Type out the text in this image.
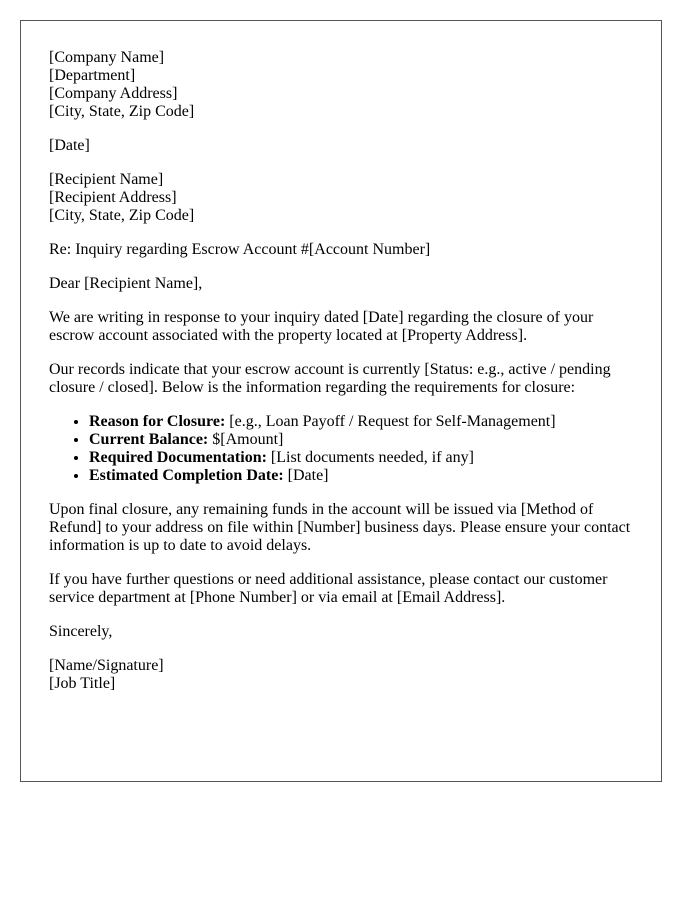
[Company Name]
[Department]
[Company Address]
[City, State, Zip Code]

[Date]

[Recipient Name]
[Recipient Address]
[City, State, Zip Code]

Re: Inquiry regarding Escrow Account #[Account Number]

Dear [Recipient Name],

We are writing in response to your inquiry dated [Date] regarding the closure of your escrow account associated with the property located at [Property Address].

Our records indicate that your escrow account is currently [Status: e.g., active / pending closure / closed]. Below is the information regarding the requirements for closure:

• Reason for Closure: [e.g., Loan Payoff / Request for Self-Management]
• Current Balance: $[Amount]
• Required Documentation: [List documents needed, if any]
• Estimated Completion Date: [Date]

Upon final closure, any remaining funds in the account will be issued via [Method of Refund] to your address on file within [Number] business days. Please ensure your contact information is up to date to avoid delays.

If you have further questions or need additional assistance, please contact our customer service department at [Phone Number] or via email at [Email Address].

Sincerely,

[Name/Signature]
[Job Title]
